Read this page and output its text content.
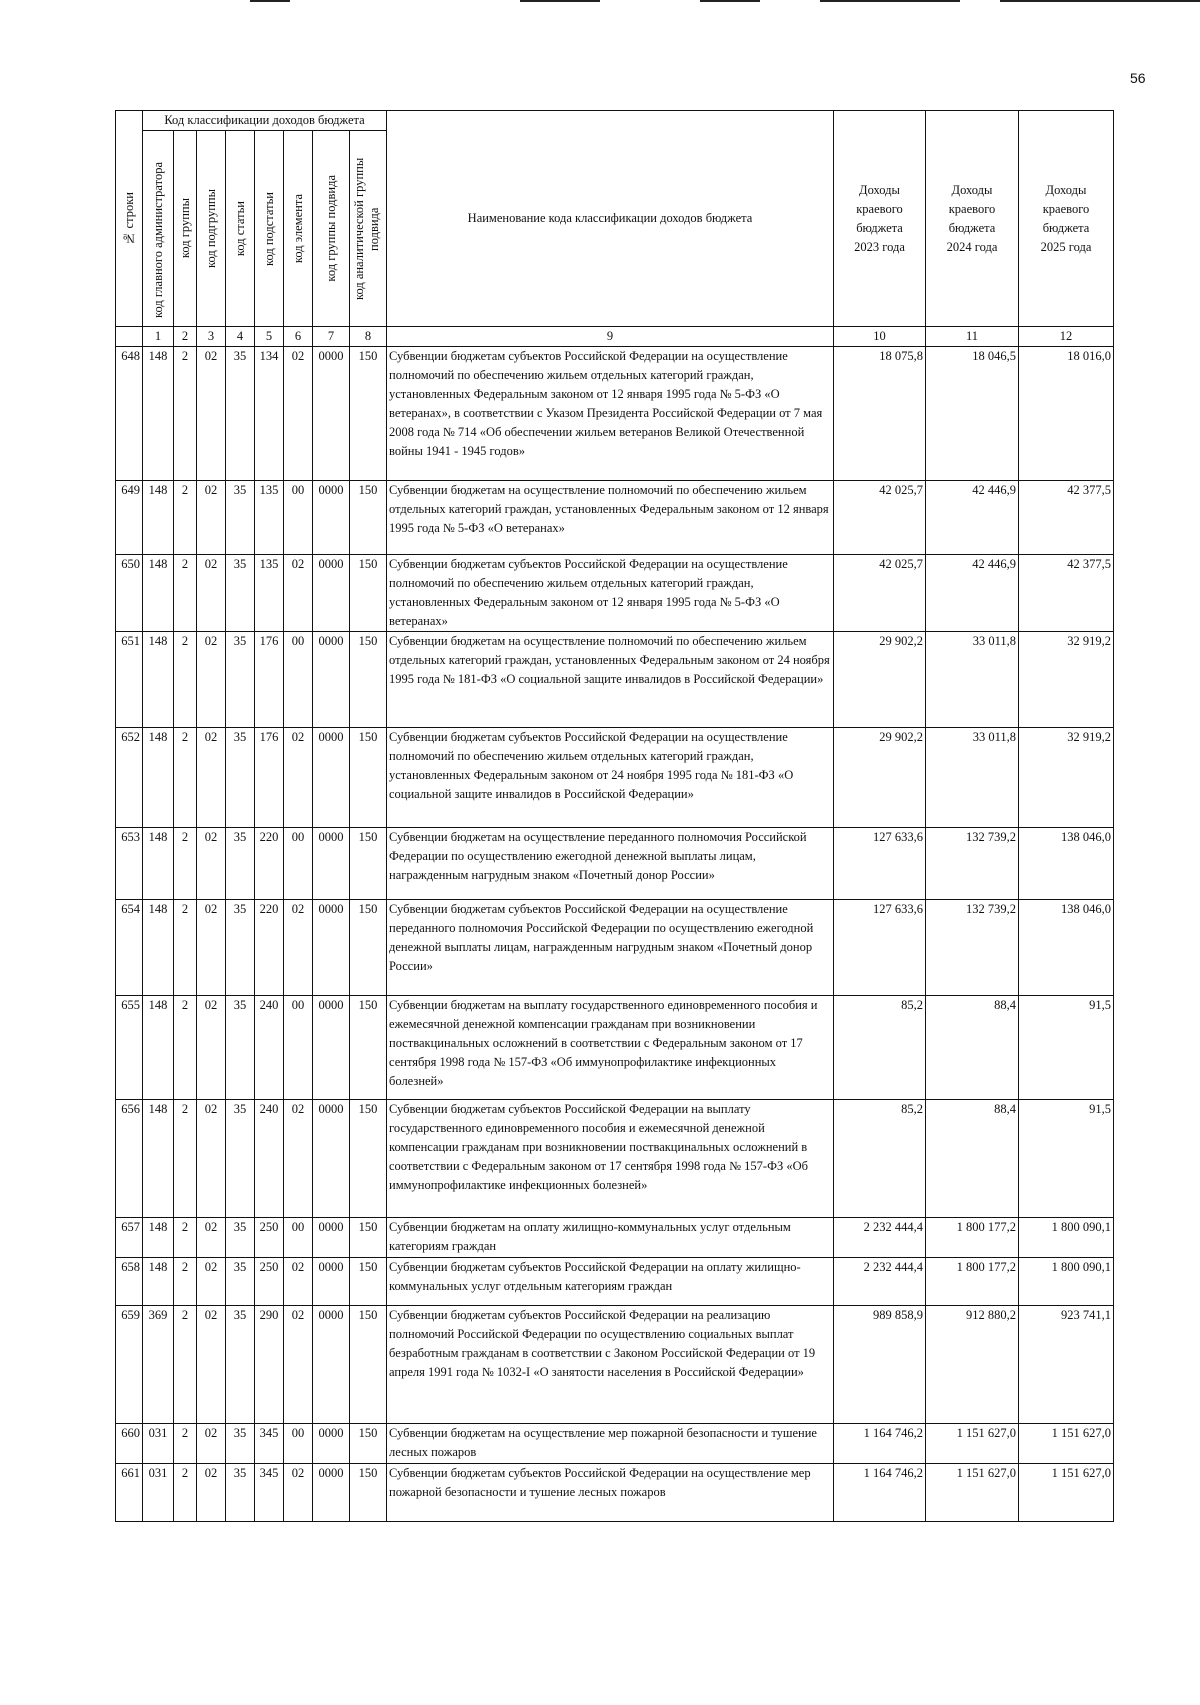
56
№ строки	Код классификации доходов бюджета								Наименование кода классификации доходов бюджета	Доходы краевого бюджета 2023 года	Доходы краевого бюджета 2024 года	Доходы краевого бюджета 2025 года

	код главного администратора	код группы	код подгруппы	код статьи	код подстатьи	код элемента	код группы подвида	код аналитической группы подвида				

	1	2	3	4	5	6	7	8	9	10	11	12
648	148	2	02	35	134	02	0000	150	Субвенции бюджетам субъектов Российской Федерации на осуществление полномочий по обеспечению жильем отдельных категорий граждан, установленных Федеральным законом от 12 января 1995 года № 5-ФЗ «О ветеранах», в соответствии с Указом Президента Российской Федерации от 7 мая 2008 года № 714 «Об обеспечении жильем ветеранов Великой Отечественной войны 1941 - 1945 годов»	18 075,8	18 046,5	18 016,0
649	148	2	02	35	135	00	0000	150	Субвенции бюджетам на осуществление полномочий по обеспечению жильем отдельных категорий граждан, установленных Федеральным законом от 12 января 1995 года № 5-ФЗ «О ветеранах»	42 025,7	42 446,9	42 377,5
650	148	2	02	35	135	02	0000	150	Субвенции бюджетам субъектов Российской Федерации на осуществление полномочий по обеспечению жильем отдельных категорий граждан, установленных Федеральным законом от 12 января 1995 года № 5-ФЗ «О ветеранах»	42 025,7	42 446,9	42 377,5
651	148	2	02	35	176	00	0000	150	Субвенции бюджетам на осуществление полномочий по обеспечению жильем отдельных категорий граждан, установленных Федеральным законом от 24 ноября 1995 года № 181-ФЗ «О социальной защите инвалидов в Российской Федерации»	29 902,2	33 011,8	32 919,2
652	148	2	02	35	176	02	0000	150	Субвенции бюджетам субъектов Российской Федерации на осуществление полномочий по обеспечению жильем отдельных категорий граждан, установленных Федеральным законом от 24 ноября 1995 года № 181-ФЗ «О социальной защите инвалидов в Российской Федерации»	29 902,2	33 011,8	32 919,2
653	148	2	02	35	220	00	0000	150	Субвенции бюджетам на осуществление переданного полномочия Российской Федерации по осуществлению ежегодной денежной выплаты лицам, награжденным нагрудным знаком «Почетный донор России»	127 633,6	132 739,2	138 046,0
654	148	2	02	35	220	02	0000	150	Субвенции бюджетам субъектов Российской Федерации на осуществление переданного полномочия Российской Федерации по осуществлению ежегодной денежной выплаты лицам, награжденным нагрудным знаком «Почетный донор России»	127 633,6	132 739,2	138 046,0
655	148	2	02	35	240	00	0000	150	Субвенции бюджетам на выплату государственного единовременного пособия и ежемесячной денежной компенсации гражданам при возникновении поствакцинальных осложнений в соответствии с Федеральным законом от 17 сентября 1998 года № 157-ФЗ «Об иммунопрофилактике инфекционных болезней»	85,2	88,4	91,5
656	148	2	02	35	240	02	0000	150	Субвенции бюджетам субъектов Российской Федерации на выплату государственного единовременного пособия и ежемесячной денежной компенсации гражданам при возникновении поствакцинальных осложнений в соответствии с Федеральным законом от 17 сентября 1998 года № 157-ФЗ «Об иммунопрофилактике инфекционных болезней»	85,2	88,4	91,5
657	148	2	02	35	250	00	0000	150	Субвенции бюджетам на оплату жилищно-коммунальных услуг отдельным категориям граждан	2 232 444,4	1 800 177,2	1 800 090,1
658	148	2	02	35	250	02	0000	150	Субвенции бюджетам субъектов Российской Федерации на оплату жилищно-коммунальных услуг отдельным категориям граждан	2 232 444,4	1 800 177,2	1 800 090,1
659	369	2	02	35	290	02	0000	150	Субвенции бюджетам субъектов Российской Федерации на реализацию полномочий Российской Федерации по осуществлению социальных выплат безработным гражданам в соответствии с Законом Российской Федерации от 19 апреля 1991 года № 1032-I «О занятости населения в Российской Федерации»	989 858,9	912 880,2	923 741,1
660	031	2	02	35	345	00	0000	150	Субвенции бюджетам на осуществление мер пожарной безопасности и тушение лесных пожаров	1 164 746,2	1 151 627,0	1 151 627,0
661	031	2	02	35	345	02	0000	150	Субвенции бюджетам субъектов Российской Федерации на осуществление мер пожарной безопасности и тушение лесных пожаров	1 164 746,2	1 151 627,0	1 151 627,0
